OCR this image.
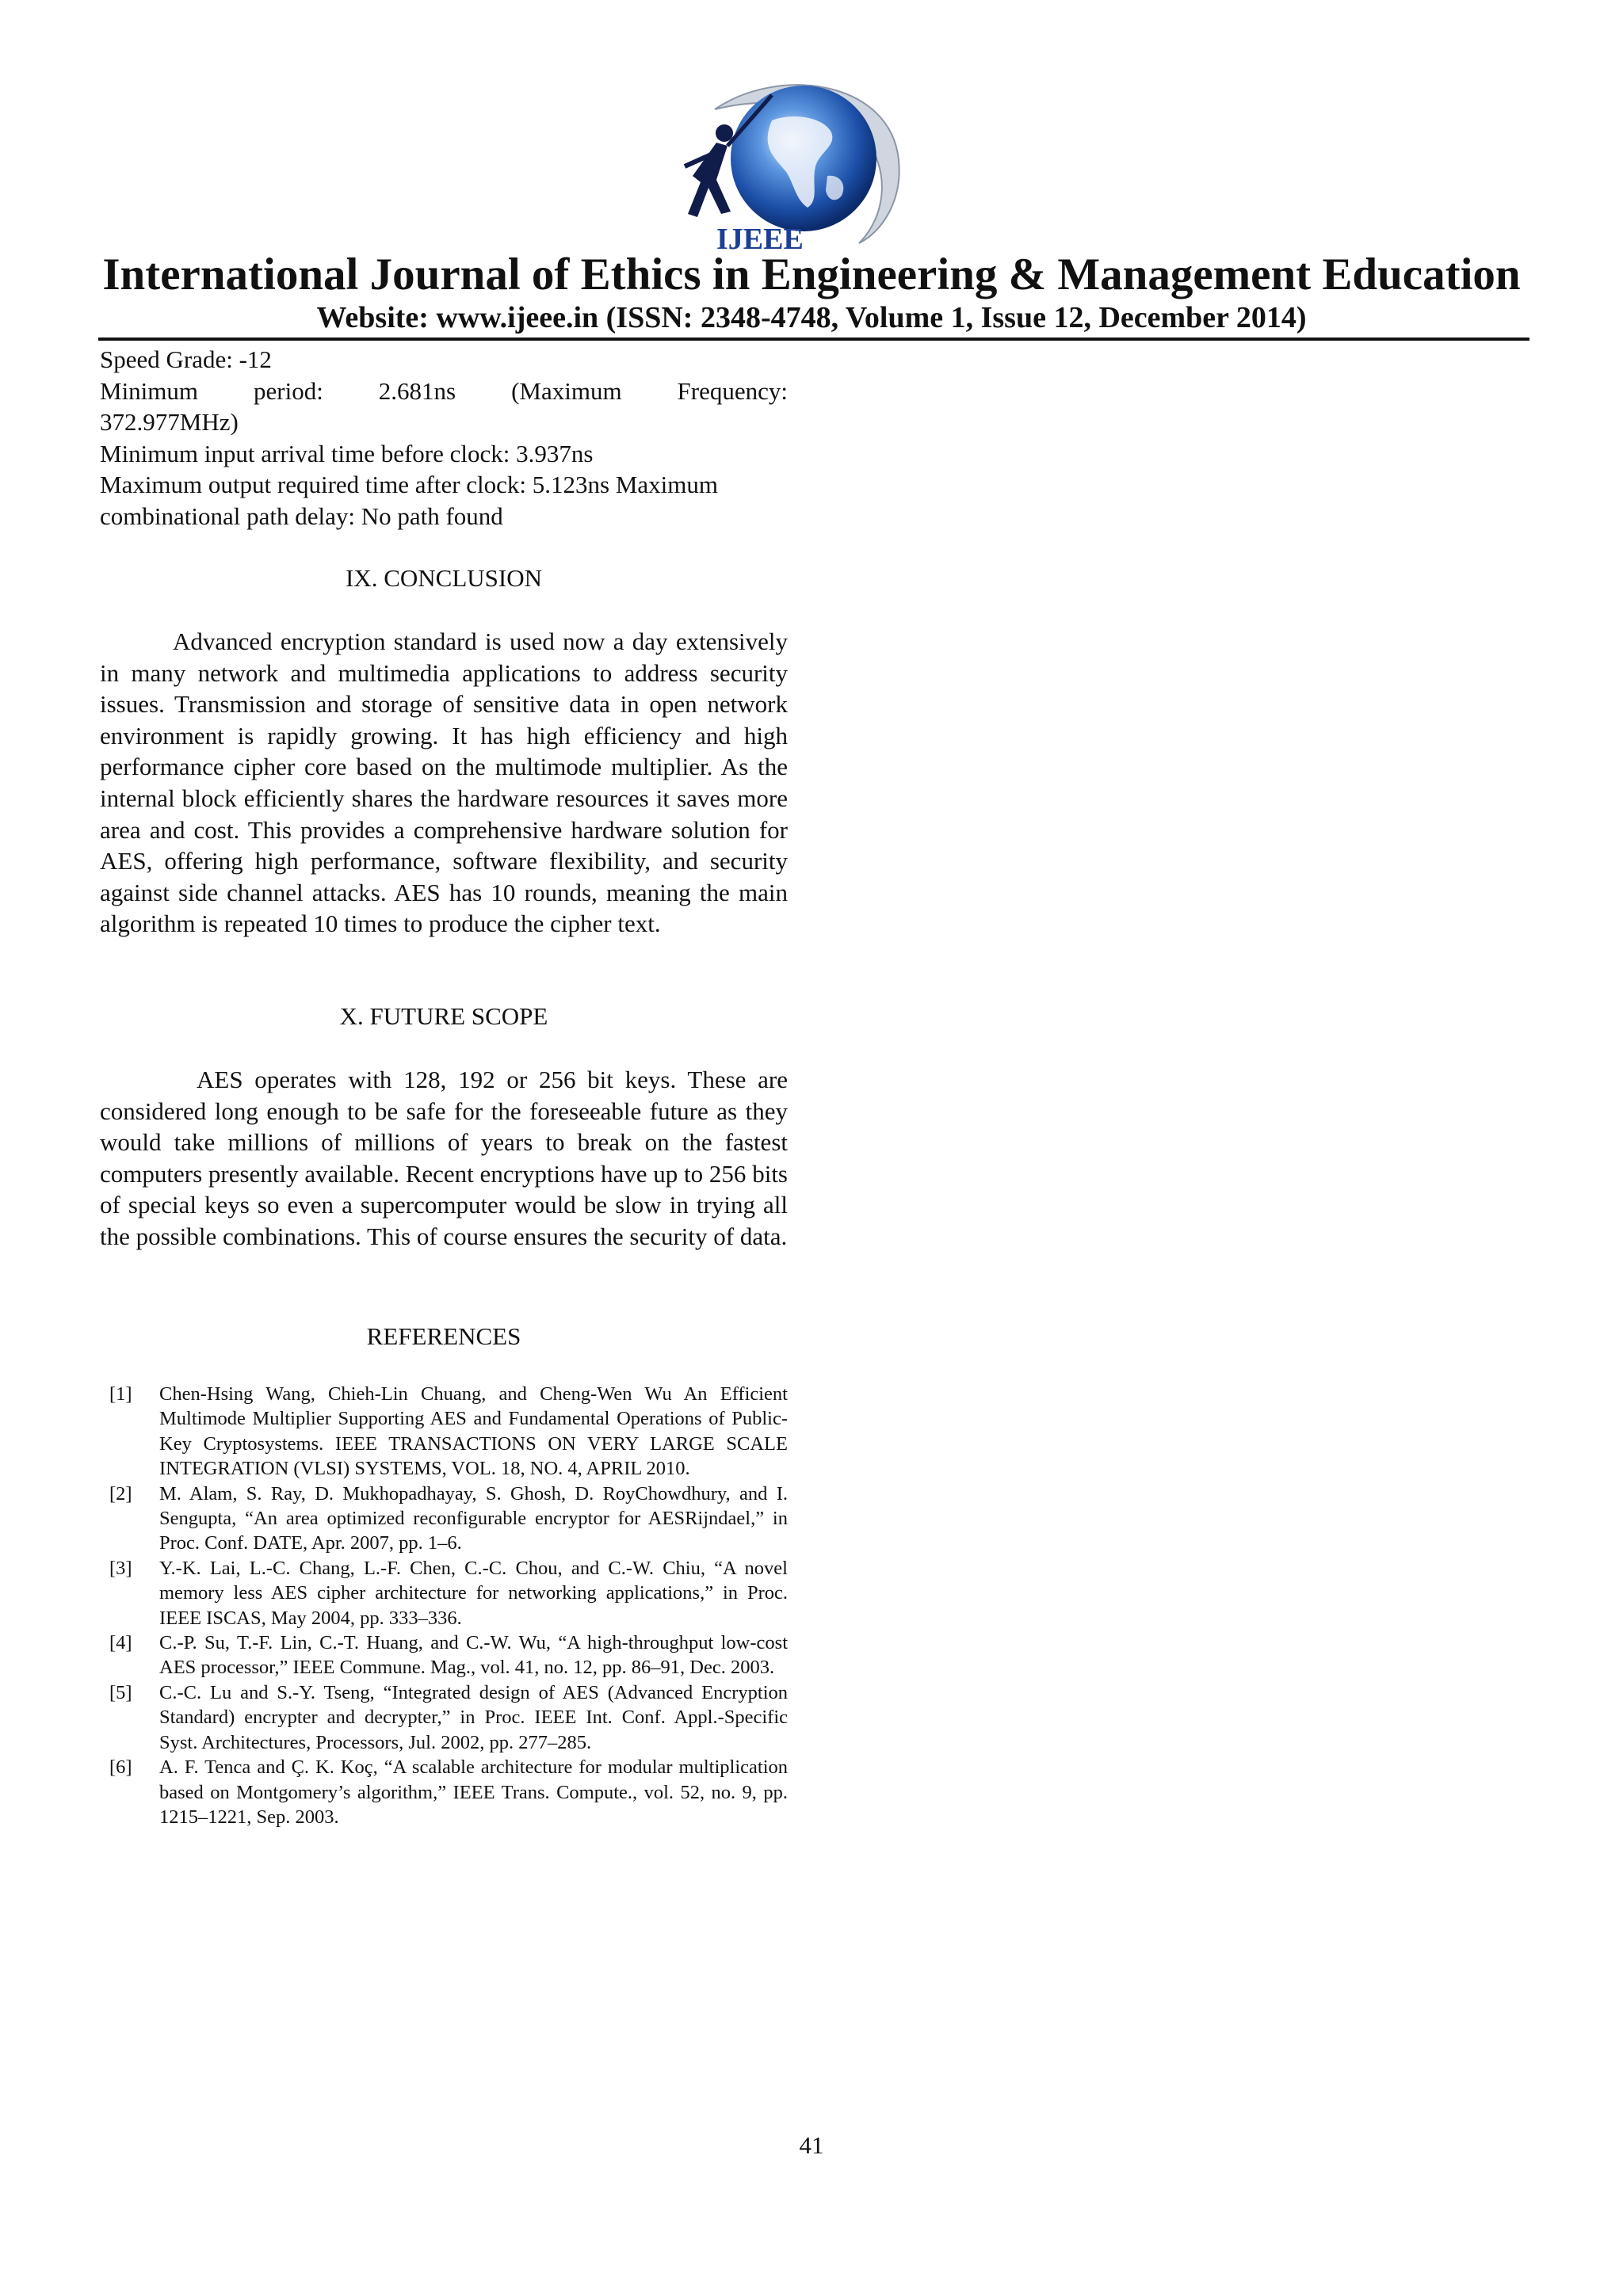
IJEEE
International Journal of Ethics in Engineering & Management Education
Website: www.ijeee.in (ISSN: 2348-4748, Volume 1, Issue 12, December 2014)
Speed Grade: -12
Minimum period: 2.681ns (Maximum Frequency:
372.977MHz)
Minimum input arrival time before clock: 3.937ns
Maximum output required time after clock: 5.123ns Maximum
combinational path delay: No path found
IX. CONCLUSION

Advanced encryption standard is used now a day extensively in many network and multimedia applications to address security issues. Transmission and storage of sensitive data in open network environment is rapidly growing. It has high efficiency and high performance cipher core based on the multimode multiplier. As the internal block efficiently shares the hardware resources it saves more area and cost. This provides a comprehensive hardware solution for AES, offering high performance, software flexibility, and security against side channel attacks. AES has 10 rounds, meaning the main algorithm is repeated 10 times to produce the cipher text.

X. FUTURE SCOPE

AES operates with 128, 192 or 256 bit keys. These are considered long enough to be safe for the foreseeable future as they would take millions of millions of years to break on the fastest computers presently available. Recent encryptions have up to 256 bits of special keys so even a supercomputer would be slow in trying all the possible combinations. This of course ensures the security of data.

REFERENCES

[1] Chen-Hsing Wang, Chieh-Lin Chuang, and Cheng-Wen Wu An Efficient Multimode Multiplier Supporting AES and Fundamental Operations of Public-Key Cryptosystems. IEEE TRANSACTIONS ON VERY LARGE SCALE INTEGRATION (VLSI) SYSTEMS, VOL. 18, NO. 4, APRIL 2010.

[2] M. Alam, S. Ray, D. Mukhopadhayay, S. Ghosh, D. RoyChowdhury, and I. Sengupta, “An area optimized reconfigurable encryptor for AESRijndael,” in Proc. Conf. DATE, Apr. 2007, pp. 1–6.

[3] Y.-K. Lai, L.-C. Chang, L.-F. Chen, C.-C. Chou, and C.-W. Chiu, “A novel memory less AES cipher architecture for networking applications,” in Proc. IEEE ISCAS, May 2004, pp. 333–336.

[4] C.-P. Su, T.-F. Lin, C.-T. Huang, and C.-W. Wu, “A high-throughput low-cost AES processor,” IEEE Commune. Mag., vol. 41, no. 12, pp. 86–91, Dec. 2003.

[5] C.-C. Lu and S.-Y. Tseng, “Integrated design of AES (Advanced Encryption Standard) encrypter and decrypter,” in Proc. IEEE Int. Conf. Appl.-Specific Syst. Architectures, Processors, Jul. 2002, pp. 277–285.

[6] A. F. Tenca and Ç. K. Koç, “A scalable architecture for modular multiplication based on Montgomery’s algorithm,” IEEE Trans. Compute., vol. 52, no. 9, pp. 1215–1221, Sep. 2003.

41
